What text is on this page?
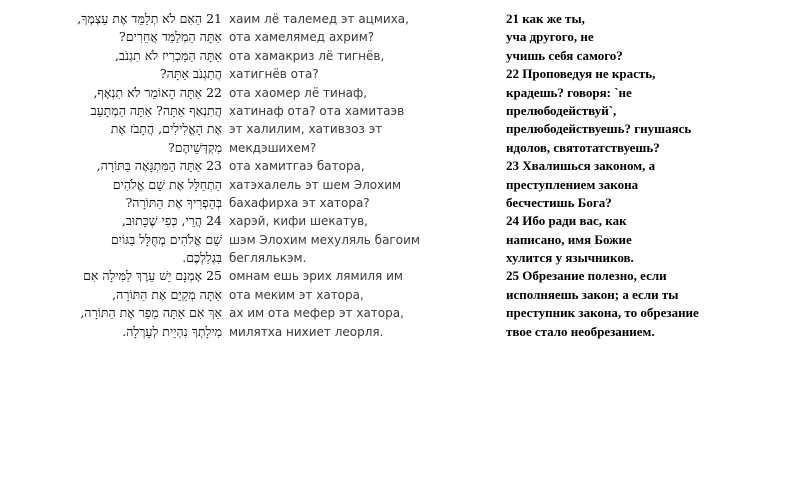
21 הַאִם לֹא תְלַמֵּד אֶת עַצְמְךָ,
אַתָּה הַמְלַמֵּד אֲחֵרִים?
אַתָּה הַמַּכְרִיז לֹא תִגְנֹב,
הֲתִגְנֹב אַתָּה?
22 אַתָּה הָאוֹמֵר לֹא תִנְאָף,
הֲתִנְאַף אַתָּה? אַתָּה הַמְתָעֵב
אֶת הָאֱלִילִים, הֲתָבֹז אֶת
מִקְדְּשֵׁיהֶם?
23 אַתָּה הַמִּתְגָּאֶה בַּתּוֹרָה,
הַתְחַלֵּל אֶת שֵׁם אֱלֹהִים
בְּהַפְרִיךָ אֶת הַתּוֹרָה?
24 הֲרֵי, כְּפִי שֶׁכָּתוּב,
שֵׁם אֱלֹהִים מְחֻלָּל בַּגּוֹיִם
בִּגְלַלְכֶם.
25 אָמְנָם יֵשׁ עֵרֶךְ לַמִּילָה אִם
אַתָּה מְקַיֵּם אֶת הַתּוֹרָה,
אַךְ אִם אַתָּה מֵפֵר אֶת הַתּוֹרָה,
מִילָתְךָ נִהְיֵית לְעָרְלָה.
хаим лё талемед эт ацмиха,
ота хамелямед ахрим?
ота хамакриз лё тигнёв,
хатигнёв ота?
ота хаомер лё тинаф,
хатинаф ота? ота хамитаэв
эт халилим, хативзоз эт
мекдэшихем?
ота хамитгаэ батора,
хатэхалель эт шем Элохим
бахафирха эт хатора?
харэй, кифи шекатув,
шэм Элохим мехуляль багоим
беглялькэм.
омнам ешь эрих лямиля им
ота меким эт хатора,
ах им ота мефер эт хатора,
милятха нихиет леорля.
21 как же ты,
уча другого, не
учишь себя самого?
22 Проповедуя не красть,
крадешь? говоря: `не
прелюбодействуй`,
прелюбодействуешь? гнушаясь
идолов, святотатствуешь?
23 Хвалишься законом, а
преступлением закона
бесчестишь Бога?
24 Ибо ради вас, как
написано, имя Божие
хулится у язычников.
25 Обрезание полезно, если
исполняешь закон; а если ты
преступник закона, то обрезание
твое стало необрезанием.
